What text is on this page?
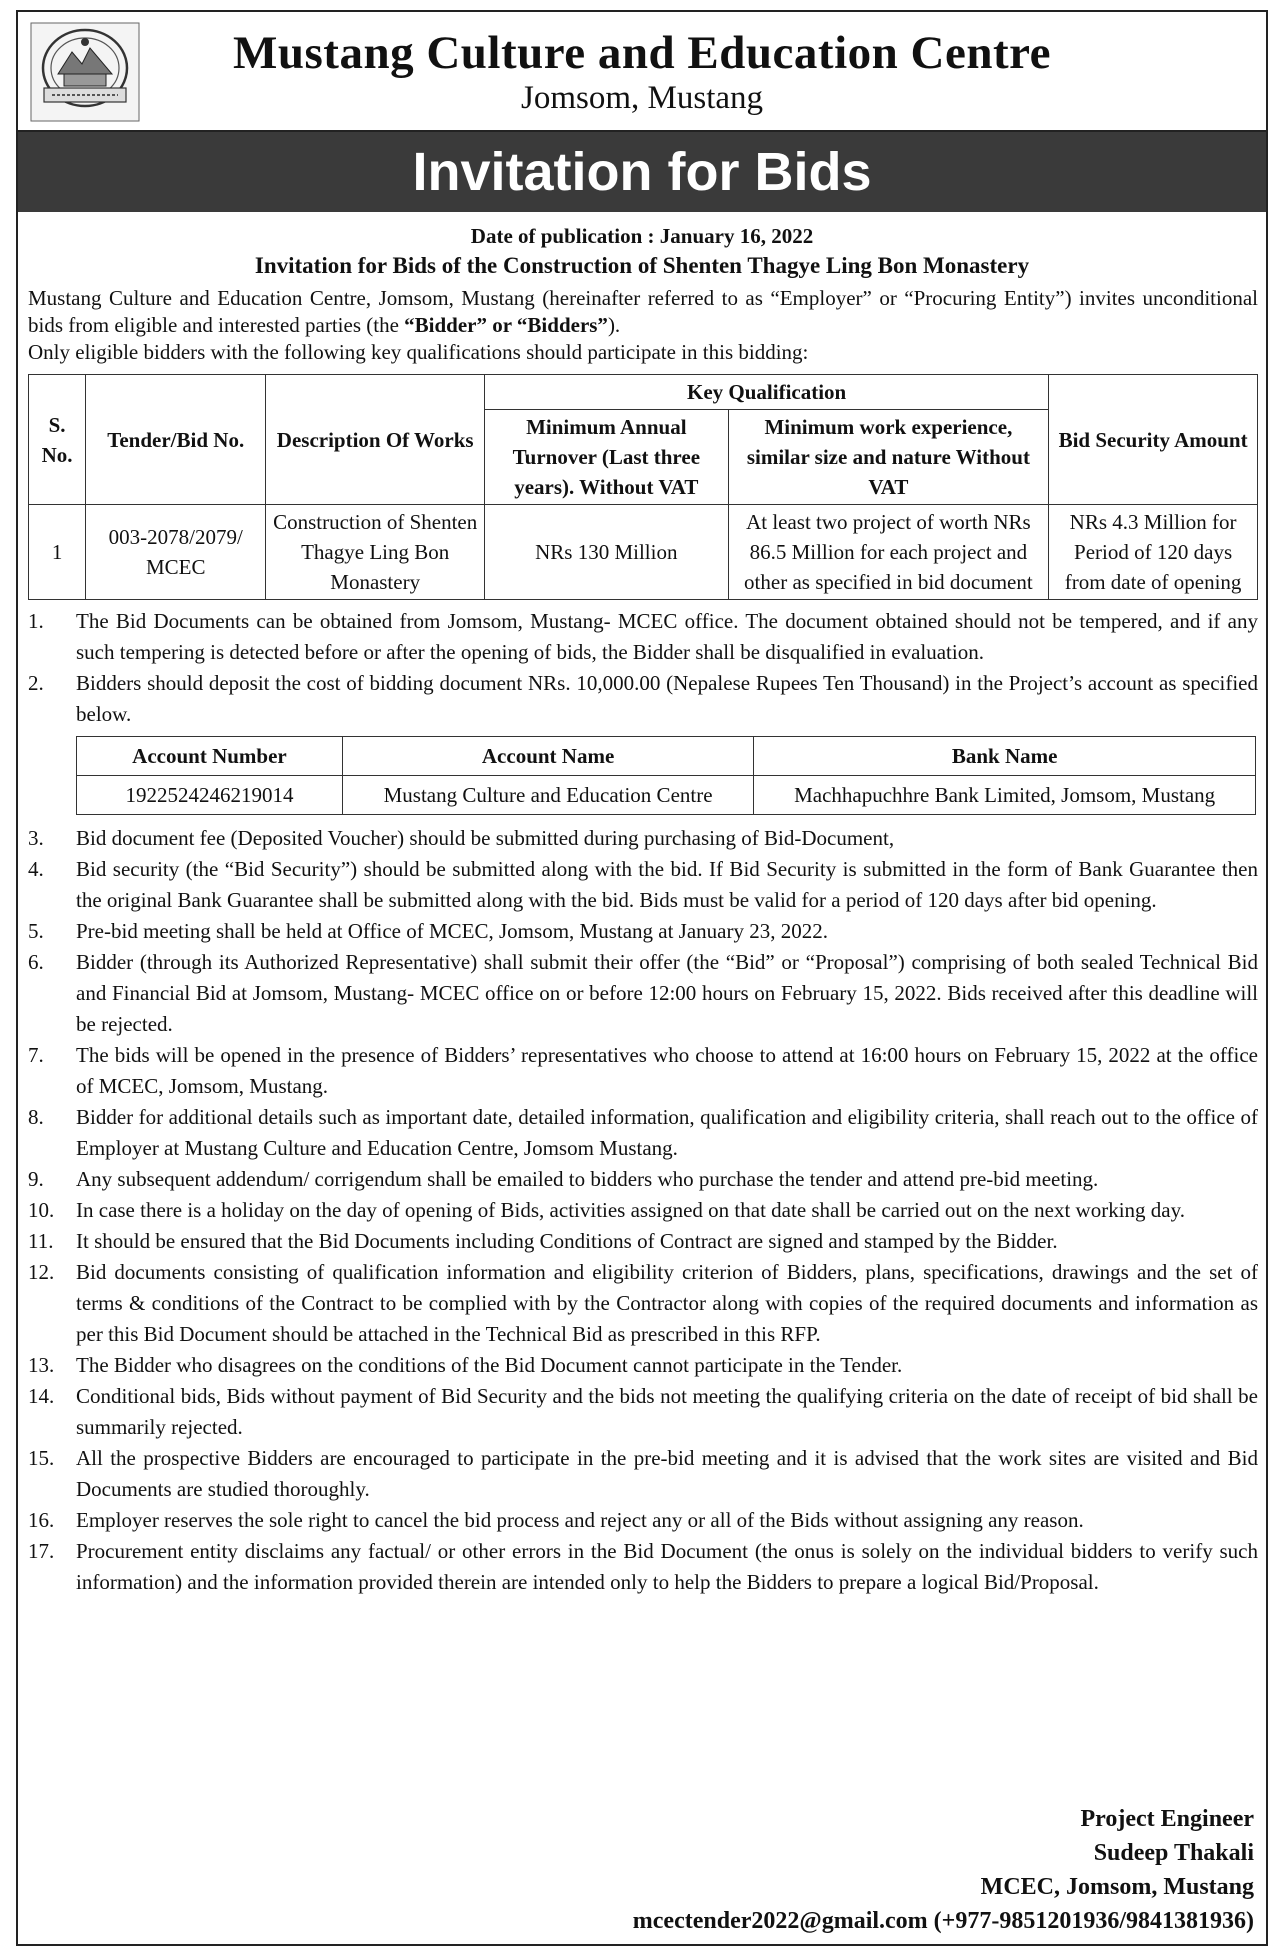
Mustang Culture and Education Centre
Jomsom, Mustang
Invitation for Bids
Date of publication : January 16, 2022
Invitation for Bids of the Construction of Shenten Thagye Ling Bon Monastery

Mustang Culture and Education Centre, Jomsom, Mustang (hereinafter referred to as “Employer” or “Procuring Entity”) invites unconditional bids from eligible and interested parties (the “Bidder” or “Bidders”).

Only eligible bidders with the following key qualifications should participate in this bidding:

S. No.	Tender/Bid No.	Description Of Works	Key Qualification		Bid Security Amount
			Minimum Annual Turnover (Last three years). Without VAT	Minimum work experience, similar size and nature Without VAT	
1	003-2078/2079/ MCEC	Construction of Shenten Thagye Ling Bon Monastery	NRs 130 Million	At least two project of worth NRs 86.5 Million for each project and other as specified in bid document	NRs 4.3 Million for Period of 120 days from date of opening
1. The Bid Documents can be obtained from Jomsom, Mustang- MCEC office. The document obtained should not be tempered, and if any such tempering is detected before or after the opening of bids, the Bidder shall be disqualified in evaluation.
2. Bidders should deposit the cost of bidding document NRs. 10,000.00 (Nepalese Rupees Ten Thousand) in the Project’s account as specified below.
Account Number	Account Name	Bank Name
1922524246219014	Mustang Culture and Education Centre	Machhapuchhre Bank Limited, Jomsom, Mustang
3. Bid document fee (Deposited Voucher) should be submitted during purchasing of Bid-Document,
4. Bid security (the “Bid Security”) should be submitted along with the bid. If Bid Security is submitted in the form of Bank Guarantee then the original Bank Guarantee shall be submitted along with the bid. Bids must be valid for a period of 120 days after bid opening.
5. Pre-bid meeting shall be held at Office of MCEC, Jomsom, Mustang at January 23, 2022.
6. Bidder (through its Authorized Representative) shall submit their offer (the “Bid” or “Proposal”) comprising of both sealed Technical Bid and Financial Bid at Jomsom, Mustang- MCEC office on or before 12:00 hours on February 15, 2022. Bids received after this deadline will be rejected.
7. The bids will be opened in the presence of Bidders’ representatives who choose to attend at 16:00 hours on February 15, 2022 at the office of MCEC, Jomsom, Mustang.
8. Bidder for additional details such as important date, detailed information, qualification and eligibility criteria, shall reach out to the office of Employer at Mustang Culture and Education Centre, Jomsom Mustang.
9. Any subsequent addendum/ corrigendum shall be emailed to bidders who purchase the tender and attend pre-bid meeting.
10. In case there is a holiday on the day of opening of Bids, activities assigned on that date shall be carried out on the next working day.
11. It should be ensured that the Bid Documents including Conditions of Contract are signed and stamped by the Bidder.
12. Bid documents consisting of qualification information and eligibility criterion of Bidders, plans, specifications, drawings and the set of terms & conditions of the Contract to be complied with by the Contractor along with copies of the required documents and information as per this Bid Document should be attached in the Technical Bid as prescribed in this RFP.
13. The Bidder who disagrees on the conditions of the Bid Document cannot participate in the Tender.
14. Conditional bids, Bids without payment of Bid Security and the bids not meeting the qualifying criteria on the date of receipt of bid shall be summarily rejected.
15. All the prospective Bidders are encouraged to participate in the pre-bid meeting and it is advised that the work sites are visited and Bid Documents are studied thoroughly.
16. Employer reserves the sole right to cancel the bid process and reject any or all of the Bids without assigning any reason.
17. Procurement entity disclaims any factual/ or other errors in the Bid Document (the onus is solely on the individual bidders to verify such information) and the information provided therein are intended only to help the Bidders to prepare a logical Bid/Proposal.
Project Engineer
Sudeep Thakali
MCEC, Jomsom, Mustang
mcectender2022@gmail.com (+977-9851201936/9841381936)
